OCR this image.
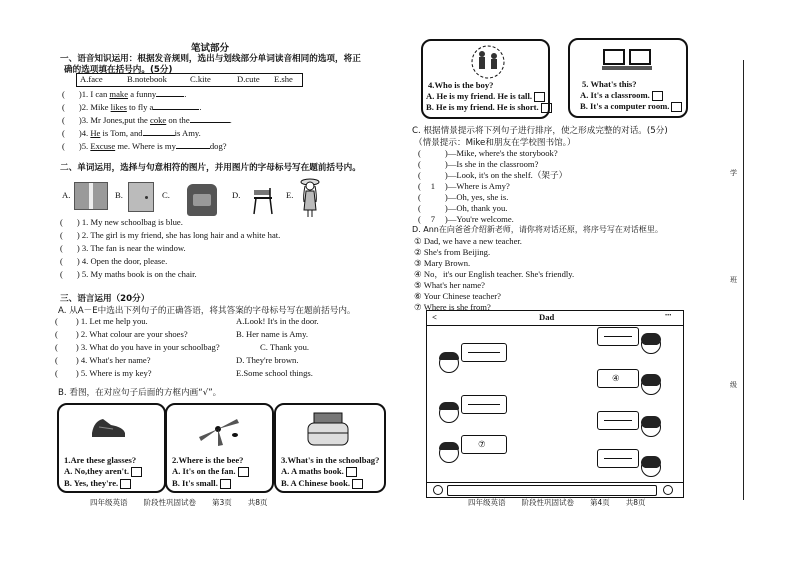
笔试部分
一、语音知识运用：根据发音规则，选出与划线部分单词读音相同的选项，将正
确的选项填在括号内。(5分)
A.face	B.notebook	C.kite	D.cute E.she
( )1. I can make a funny	.
( )2. Mike likes to fly a	.
( )3. Mr Jones,put the coke on the	.
( )4. He is Tom, and	is Amy.
( )5. Excuse me. Where is my	dog?
二、单词运用，选择与句意相符的图片，并用图片的字母标号写在题前括号内。
A.	B.	C.	D.	E.
( ) 1. My new schoolbag is blue.
( ) 2. The girl is my friend, she has long hair and a white hat.
( ) 3. The fan is near the window.
( ) 4. Open the door, please.
( ) 5. My maths book is on the chair.
三、语言运用（20分）
A. 从A－E中选出下列句子的正确答语，将其答案的字母标号写在题前括号内。
( ) 1. Let me help you.
( ) 2. What colour are your shoes?
( ) 3. What do you have in your schoolbag?
( ) 4. What's her name?
( ) 5. Where is my key?
A.Look! It's in the door.
B. Her name is Amy.
C. Thank you.
D. They're brown.
E.Some school things.
B. 看图，在对应句子后面的方框内画“√”。
1.Are these glasses?
A. No,they aren't.
B. Yes, they're.
2.Where is the bee?
A. It's on the fan.
B. It's small.
3.What's in the schoolbag?
A. A maths book.
B. A Chinese book.
四年级英语 阶段性巩固试卷 第3页 共8页
4.Who is the boy?
A. He is my friend. He is tall.
B. He is my friend. He is short.
5. What's this?
A. It's a classroom.
B. It's a computer room.
C. 根据情景提示将下列句子进行排序，使之形成完整的对话。(5分)
（情景提示：Mike和朋友在学校图书馆。）
(	)—Mike, where's the storybook?
(	)—Is she in the classroom?
(	)—Look, it's on the shelf.（架子）
( 1 )—Where is Amy?
(	)—Oh, yes, she is.
(	)—Oh, thank you.
( 7 )—You're welcome.
D. Ann在向爸爸介绍新老师，请你将对话还原，将序号写在对话框里。
① Dad, we have a new teacher.
② She's from Beijing.
③ Mary Brown.
④ No，it's our English teacher. She's friendly.
⑤ What's her name?
⑥ Your Chinese teacher?
⑦ Where is she from?
<	Dad	•••
④
⑦
四年级英语 阶段性巩固试卷 第4页 共8页
学
班
级
